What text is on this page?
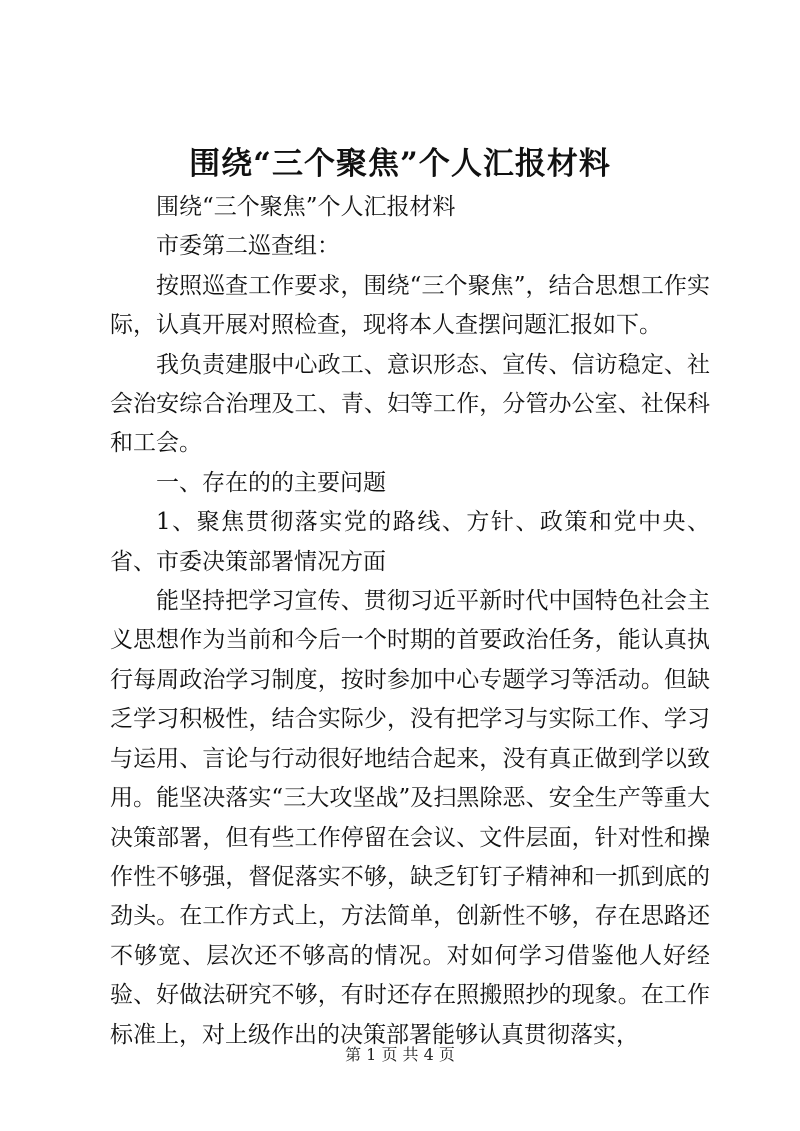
围绕“三个聚焦”个人汇报材料

围绕“三个聚焦”个人汇报材料

市委第二巡查组：

按照巡查工作要求，围绕“三个聚焦”，结合思想工作实际，认真开展对照检查，现将本人查摆问题汇报如下。

我负责建服中心政工、意识形态、宣传、信访稳定、社会治安综合治理及工、青、妇等工作，分管办公室、社保科和工会。

一、存在的的主要问题

1、聚焦贯彻落实党的路线、方针、政策和党中央、省、市委决策部署情况方面

能坚持把学习宣传、贯彻习近平新时代中国特色社会主义思想作为当前和今后一个时期的首要政治任务，能认真执行每周政治学习制度，按时参加中心专题学习等活动。但缺乏学习积极性，结合实际少，没有把学习与实际工作、学习与运用、言论与行动很好地结合起来，没有真正做到学以致用。能坚决落实“三大攻坚战”及扫黑除恶、安全生产等重大决策部署，但有些工作停留在会议、文件层面，针对性和操作性不够强，督促落实不够，缺乏钉钉子精神和一抓到底的劲头。在工作方式上，方法简单，创新性不够，存在思路还不够宽、层次还不够高的情况。对如何学习借鉴他人好经验、好做法研究不够，有时还存在照搬照抄的现象。在工作标准上，对上级作出的决策部署能够认真贯彻落实，

第 1 页 共 4 页
